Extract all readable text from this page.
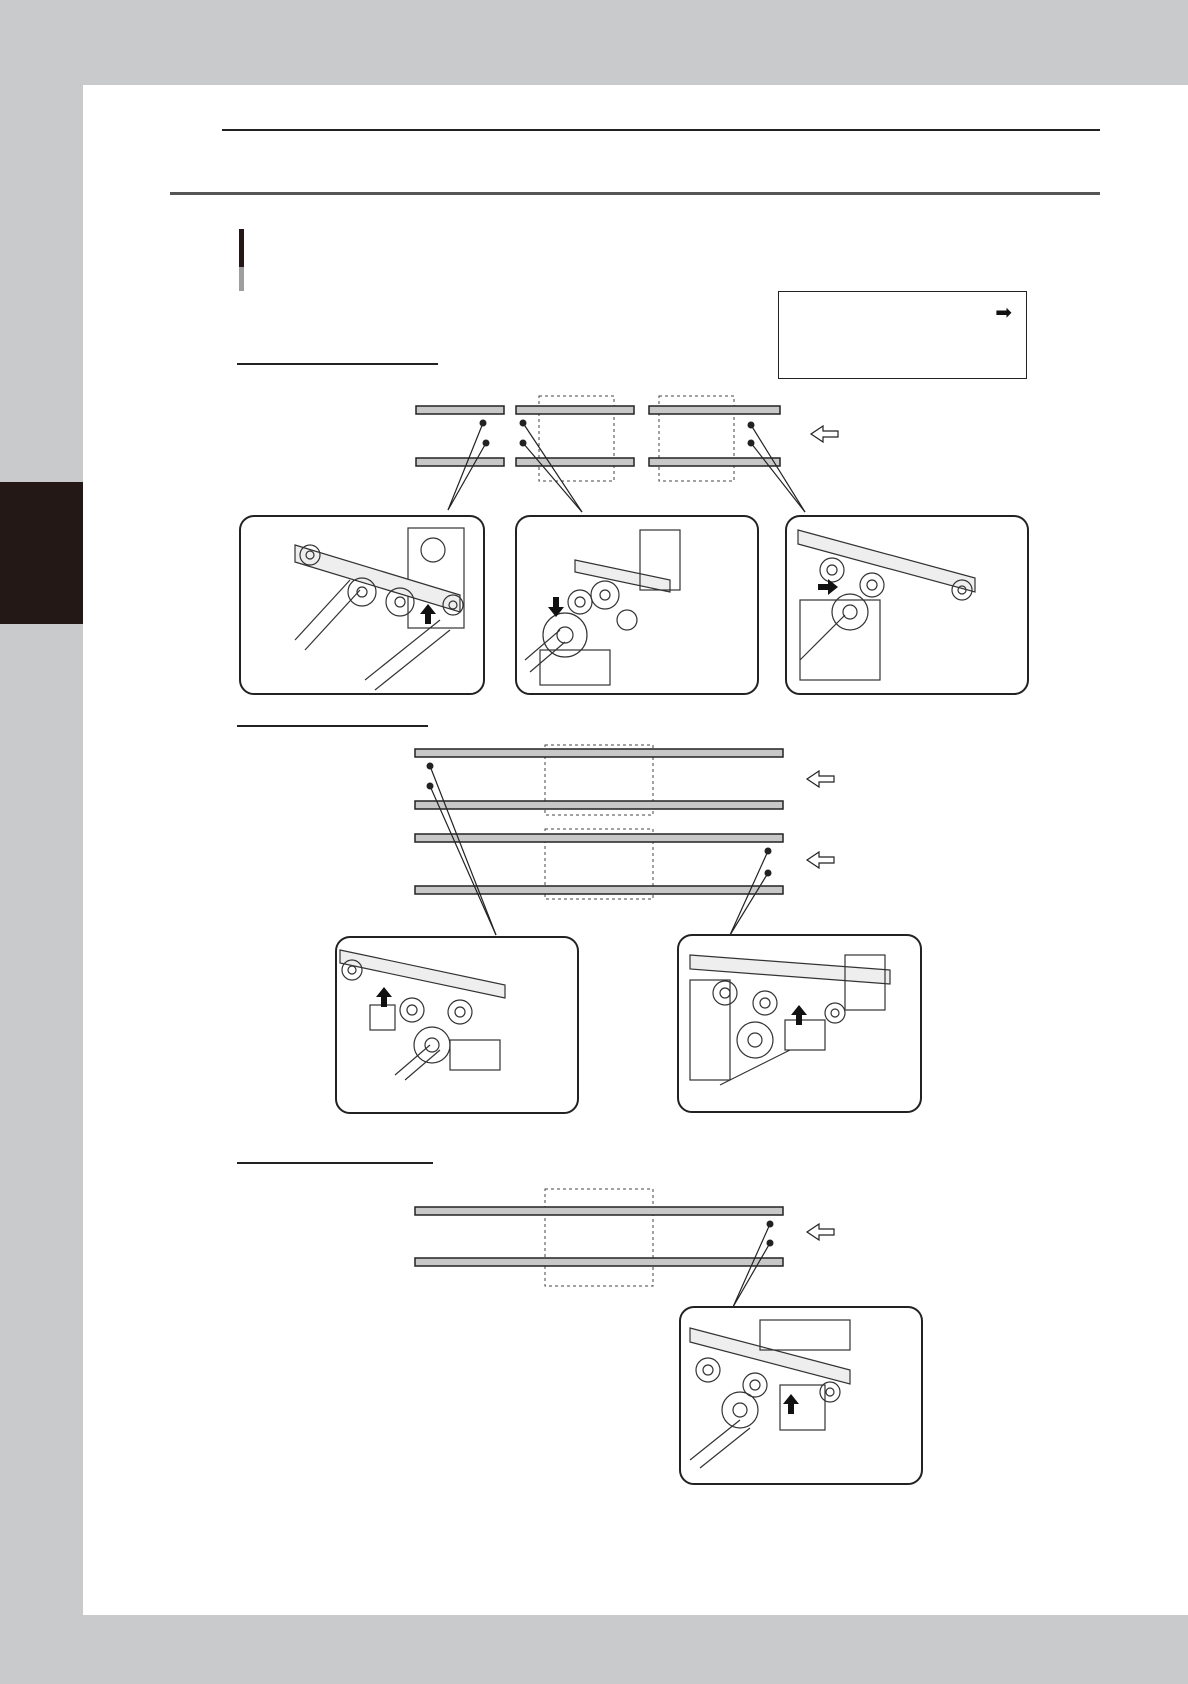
➡
